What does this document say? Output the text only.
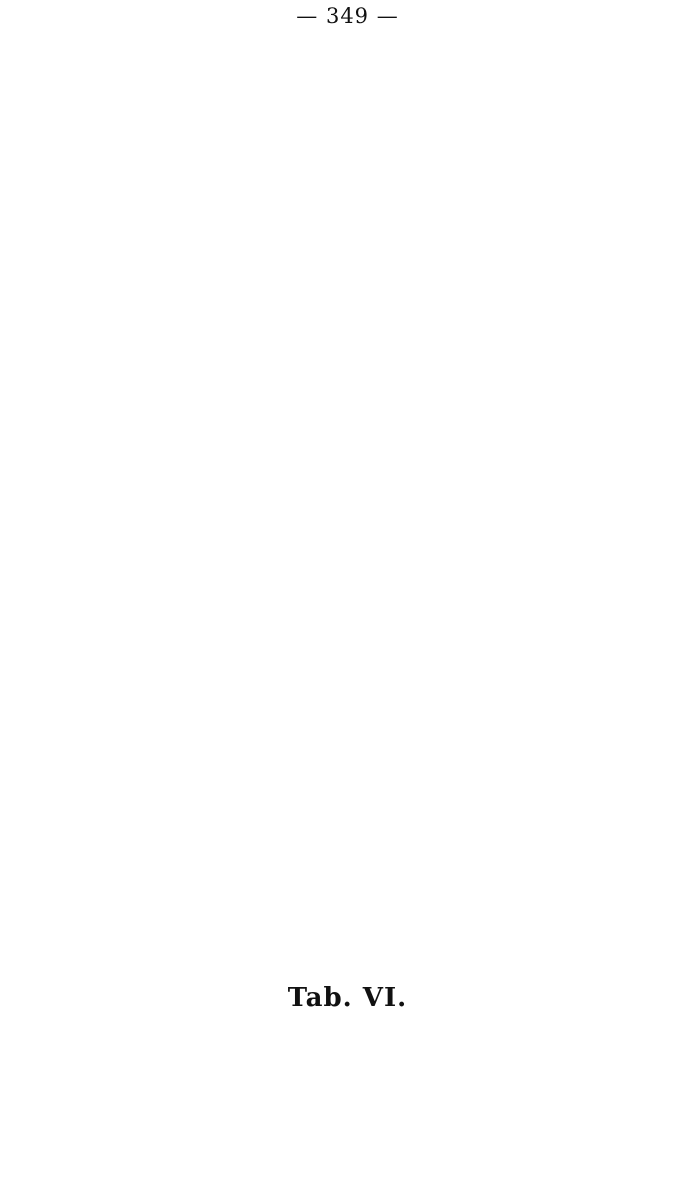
— 349 —
Tab. VI.
